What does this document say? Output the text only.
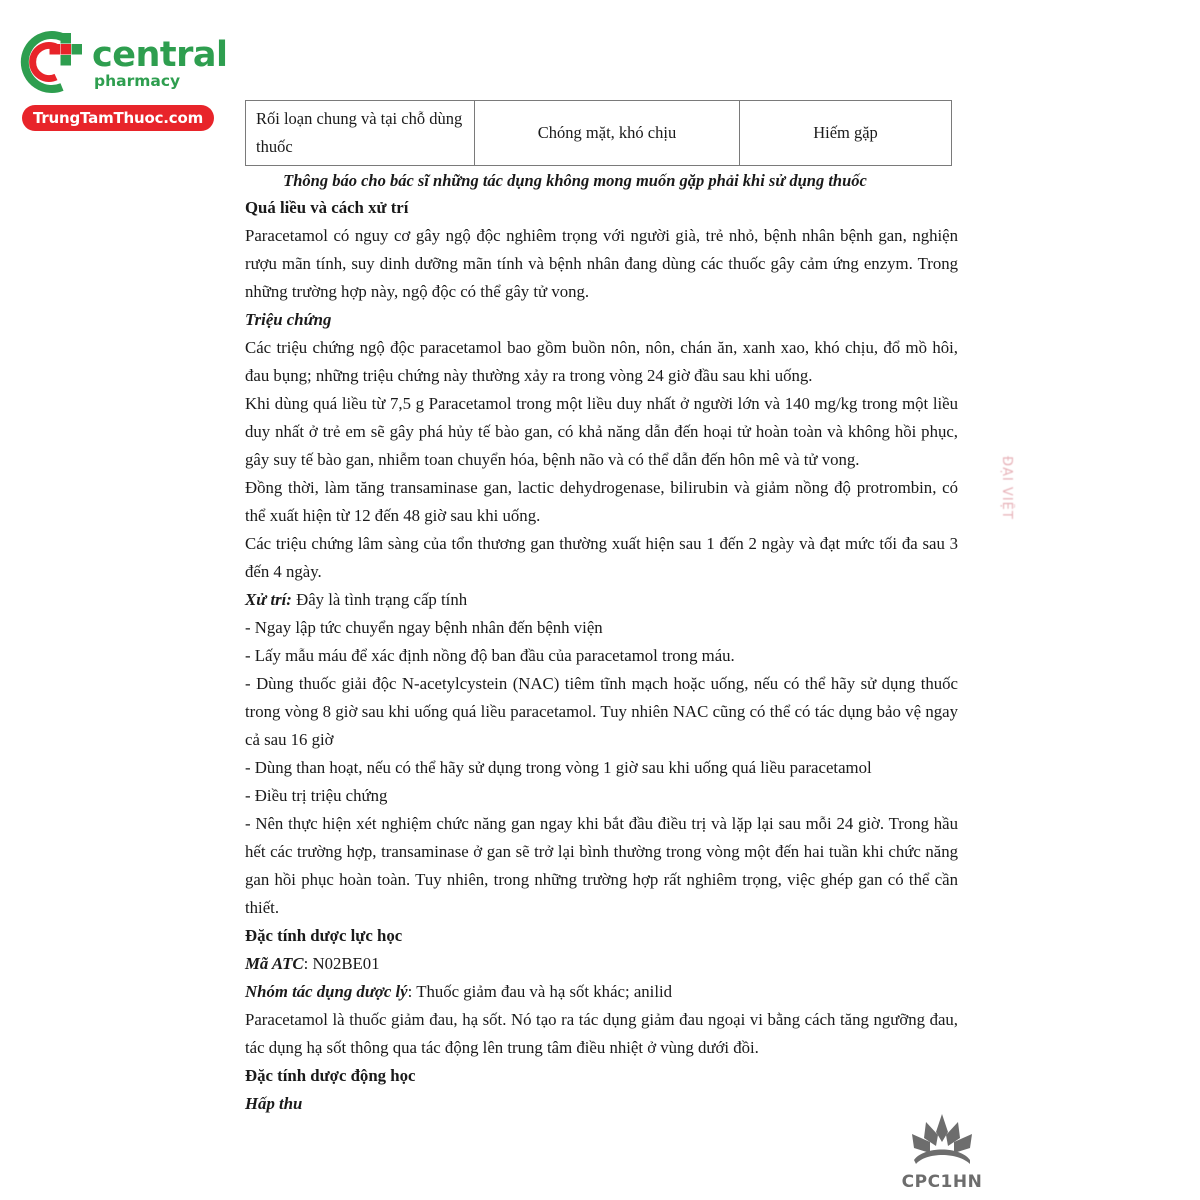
central
pharmacy
TrungTamThuoc.com	Rối loạn chung và tại chỗ dùng thuốc	Chóng mặt, khó chịu	Hiếm gặp
Thông báo cho bác sĩ những tác dụng không mong muốn gặp phải khi sử dụng thuốc
Quá liều và cách xử trí

Paracetamol có nguy cơ gây ngộ độc nghiêm trọng với người già, trẻ nhỏ, bệnh nhân bệnh gan, nghiện rượu mãn tính, suy dinh dưỡng mãn tính và bệnh nhân đang dùng các thuốc gây cảm ứng enzym. Trong những trường hợp này, ngộ độc có thể gây tử vong.

Triệu chứng

Các triệu chứng ngộ độc paracetamol bao gồm buồn nôn, nôn, chán ăn, xanh xao, khó chịu, đổ mồ hôi, đau bụng; những triệu chứng này thường xảy ra trong vòng 24 giờ đầu sau khi uống.

Khi dùng quá liều từ 7,5 g Paracetamol trong một liều duy nhất ở người lớn và 140 mg/kg trong một liều duy nhất ở trẻ em sẽ gây phá hủy tế bào gan, có khả năng dẫn đến hoại tử hoàn toàn và không hồi phục, gây suy tế bào gan, nhiễm toan chuyển hóa, bệnh não và có thể dẫn đến hôn mê và tử vong.

Đồng thời, làm tăng transaminase gan, lactic dehydrogenase, bilirubin và giảm nồng độ protrombin, có thể xuất hiện từ 12 đến 48 giờ sau khi uống.

Các triệu chứng lâm sàng của tổn thương gan thường xuất hiện sau 1 đến 2 ngày và đạt mức tối đa sau 3 đến 4 ngày.

Xử trí: Đây là tình trạng cấp tính

- Ngay lập tức chuyển ngay bệnh nhân đến bệnh viện

- Lấy mẫu máu để xác định nồng độ ban đầu của paracetamol trong máu.

- Dùng thuốc giải độc N-acetylcystein (NAC) tiêm tĩnh mạch hoặc uống, nếu có thể hãy sử dụng thuốc trong vòng 8 giờ sau khi uống quá liều paracetamol. Tuy nhiên NAC cũng có thể có tác dụng bảo vệ ngay cả sau 16 giờ

- Dùng than hoạt, nếu có thể hãy sử dụng trong vòng 1 giờ sau khi uống quá liều paracetamol

- Điều trị triệu chứng

- Nên thực hiện xét nghiệm chức năng gan ngay khi bắt đầu điều trị và lặp lại sau mỗi 24 giờ. Trong hầu hết các trường hợp, transaminase ở gan sẽ trở lại bình thường trong vòng một đến hai tuần khi chức năng gan hồi phục hoàn toàn. Tuy nhiên, trong những trường hợp rất nghiêm trọng, việc ghép gan có thể cần thiết.

Đặc tính dược lực học

Mã ATC: N02BE01

Nhóm tác dụng dược lý: Thuốc giảm đau và hạ sốt khác; anilid

Paracetamol là thuốc giảm đau, hạ sốt. Nó tạo ra tác dụng giảm đau ngoại vi bằng cách tăng ngưỡng đau, tác dụng hạ sốt thông qua tác động lên trung tâm điều nhiệt ở vùng dưới đồi.

Đặc tính dược động học
Hấp thu
ĐẠI VIỆT
CPC1HN
